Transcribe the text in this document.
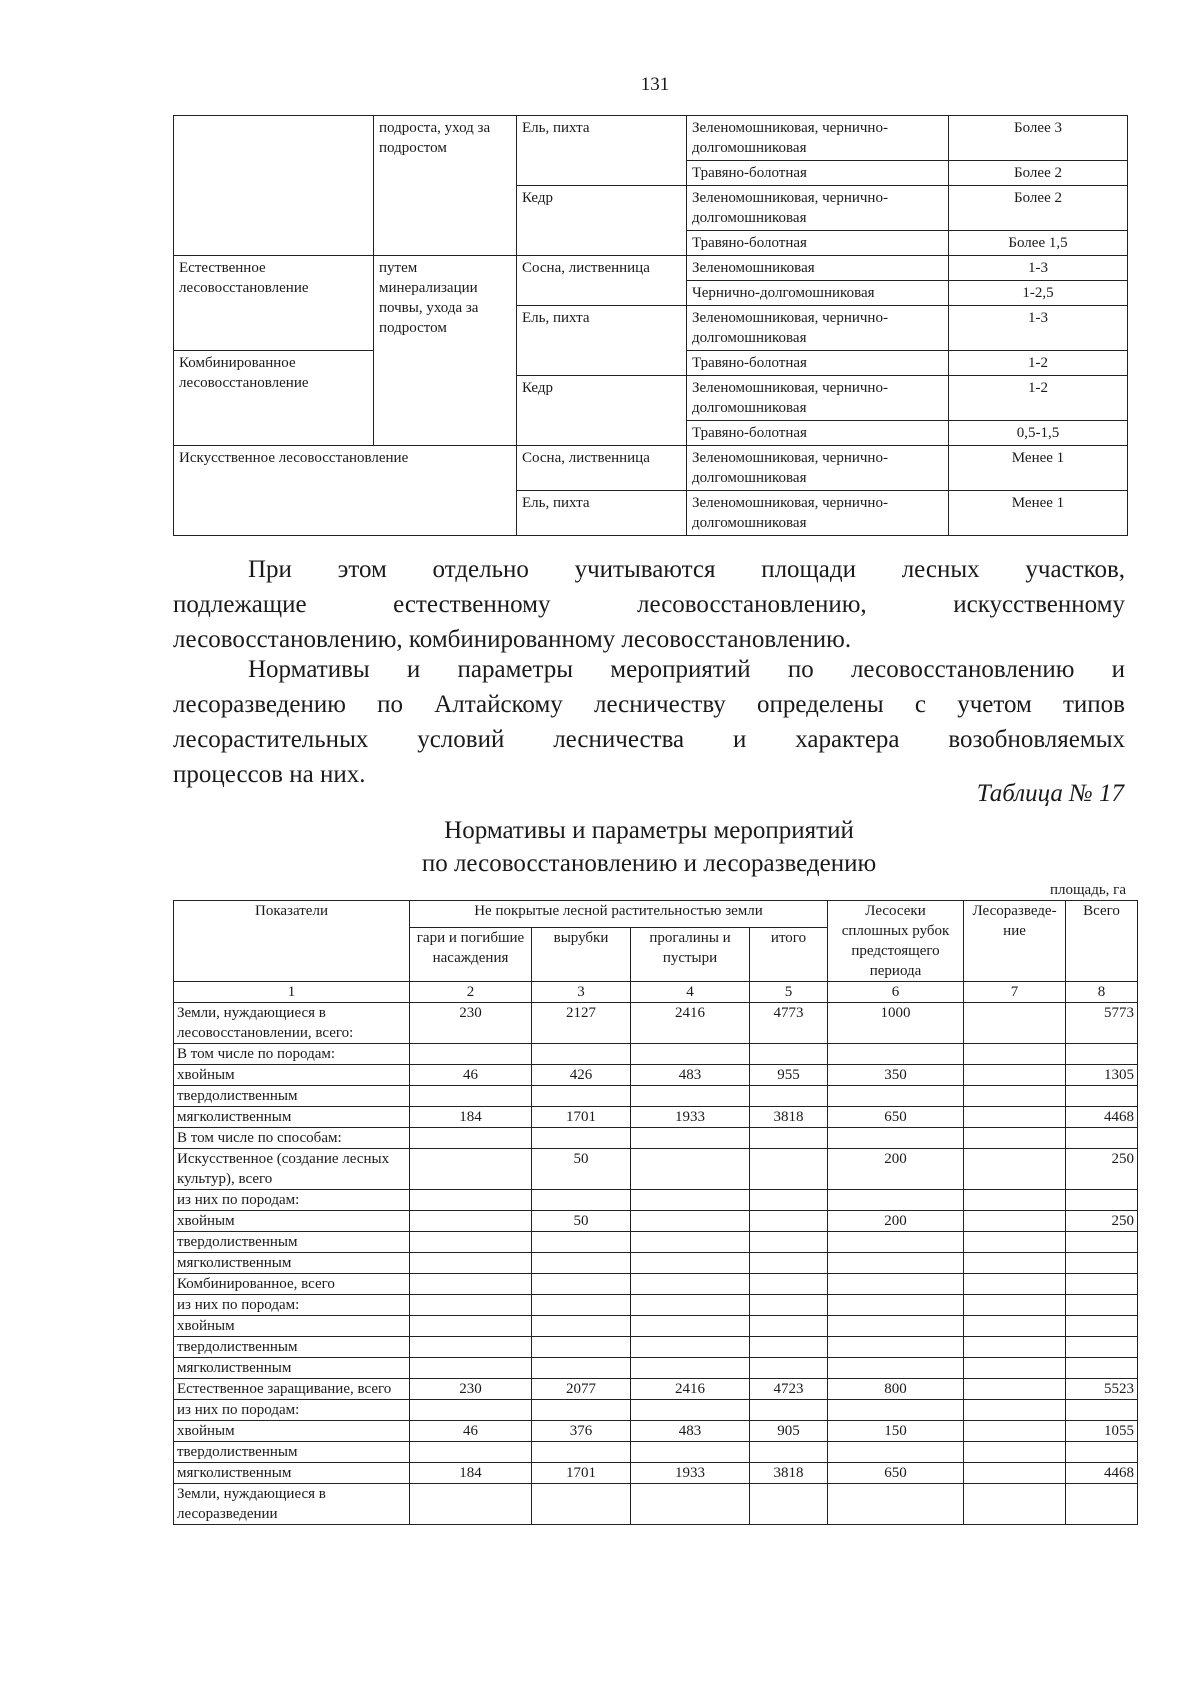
131
	подроста, уход за подростом	Ель, пихта	Зеленомошниковая, чернично-долгомошниковая	Более 3
			Травяно-болотная	Более 2
		Кедр	Зеленомошниковая, чернично-долгомошниковая	Более 2
			Травяно-болотная	Более 1,5
Естественное лесовосстановление	путем минерализации почвы, ухода за подростом	Сосна, лиственница	Зеленомошниковая	1-3
			Чернично-долгомошниковая	1-2,5
		Ель, пихта	Зеленомошниковая, чернично-долгомошниковая	1-3
Комбинированное лесовосстановление			Травяно-болотная	1-2
		Кедр	Зеленомошниковая, чернично-долгомошниковая	1-2
			Травяно-болотная	0,5-1,5
Искусственное лесовосстановление		Сосна, лиственница	Зеленомошниковая, чернично-долгомошниковая	Менее 1
		Ель, пихта	Зеленомошниковая, чернично-долгомошниковая	Менее 1
При этом отдельно учитываются площади лесных участков,
подлежащие естественному лесовосстановлению, искусственному
лесовосстановлению, комбинированному лесовосстановлению.
Нормативы и параметры мероприятий по лесовосстановлению и
лесоразведению по Алтайскому лесничеству определены с учетом типов
лесорастительных условий лесничества и характера возобновляемых
процессов на них.
Таблица № 17
Нормативы и параметры мероприятий
по лесовосстановлению и лесоразведению
площадь, га
Показатели	Не покрытые лесной растительностью земли				Лесосеки сплошных рубок предстоящего периода	Лесоразведе-ние	Всего
	гари и погибшие насаждения	вырубки	прогалины и пустыри	итого			
1	2	3	4	5	6	7	8
Земли, нуждающиеся в лесовосстановлении, всего:	230	2127	2416	4773	1000		5773
В том числе по породам:							
хвойным	46	426	483	955	350		1305
твердолиственным							
мягколиственным	184	1701	1933	3818	650		4468
В том числе по способам:							
Искусственное (создание лесных культур), всего		50			200		250
из них по породам:							
хвойным		50			200		250
твердолиственным							
мягколиственным							
Комбинированное, всего							
из них по породам:							
хвойным							
твердолиственным							
мягколиственным							
Естественное заращивание, всего	230	2077	2416	4723	800		5523
из них по породам:							
хвойным	46	376	483	905	150		1055
твердолиственным							
мягколиственным	184	1701	1933	3818	650		4468
Земли, нуждающиеся в лесоразведении							
